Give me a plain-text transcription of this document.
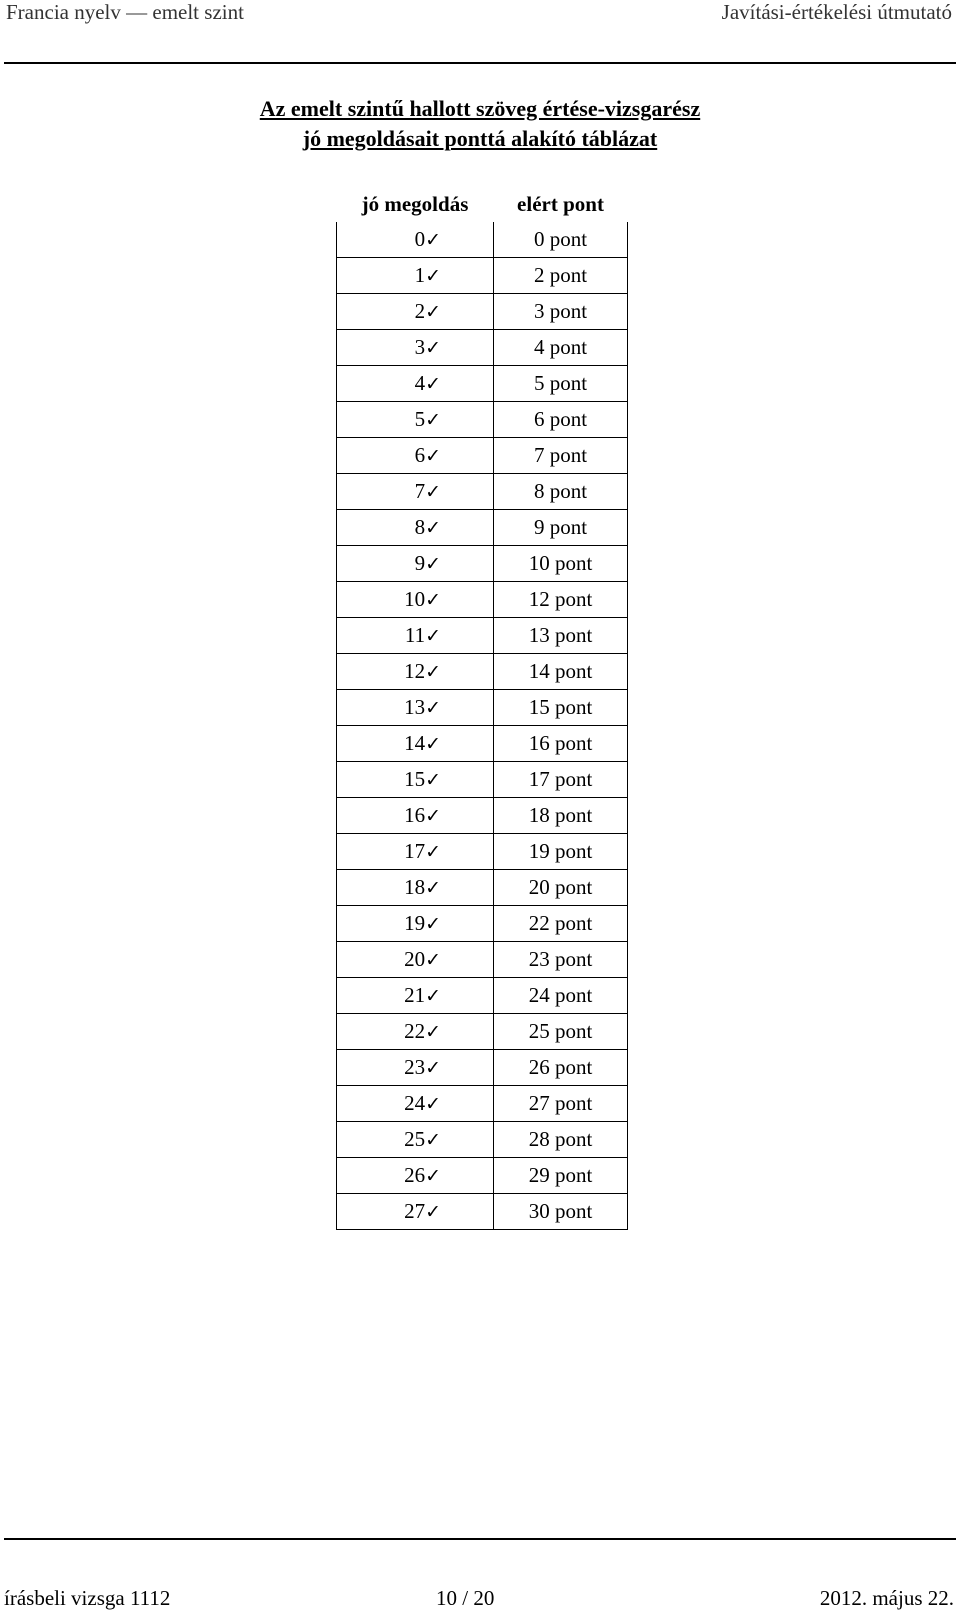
Francia nyelv — emelt szint	Javítási-értékelési útmutató
Az emelt szintű hallott szöveg értése-vizsgarész
jó megoldásait ponttá alakító táblázat
jó megoldás	elért pont
0✓	0 pont
1✓	2 pont
2✓	3 pont
3✓	4 pont
4✓	5 pont
5✓	6 pont
6✓	7 pont
7✓	8 pont
8✓	9 pont
9✓	10 pont
10✓	12 pont
11✓	13 pont
12✓	14 pont
13✓	15 pont
14✓	16 pont
15✓	17 pont
16✓	18 pont
17✓	19 pont
18✓	20 pont
19✓	22 pont
20✓	23 pont
21✓	24 pont
22✓	25 pont
23✓	26 pont
24✓	27 pont
25✓	28 pont
26✓	29 pont
27✓	30 pont
írásbeli vizsga 1112	10 / 20	2012. május 22.
